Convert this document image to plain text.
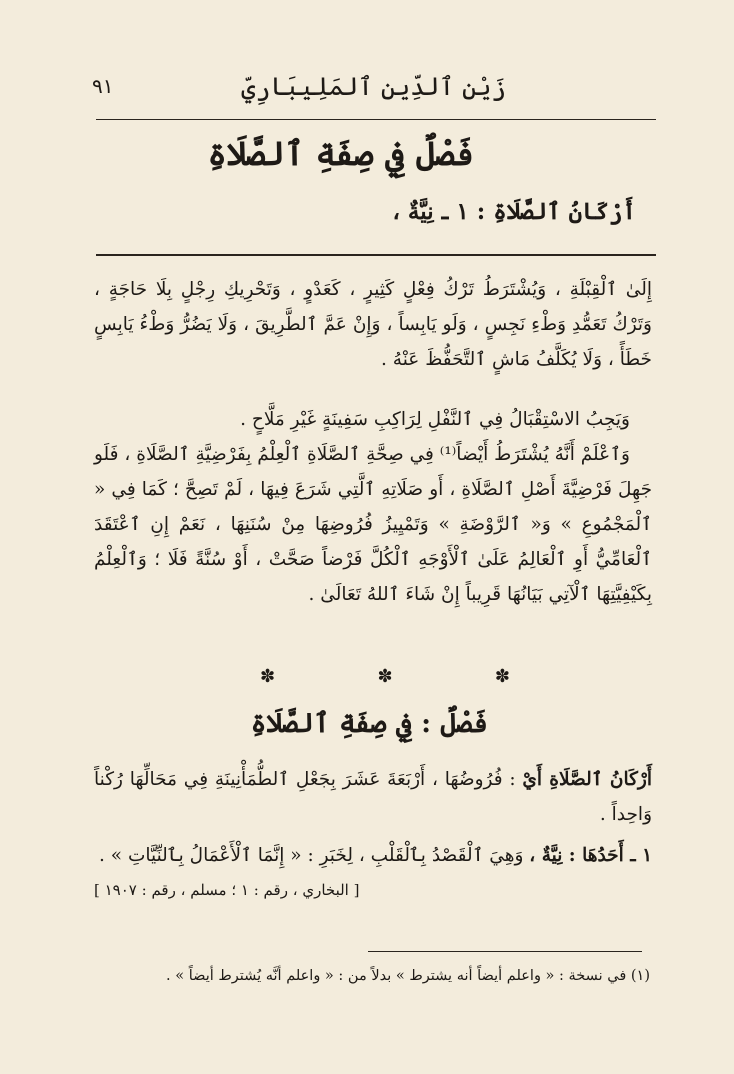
زَيْن ٱلدِّين ٱلمَلِيبَارِيّ
٩١
فَصْلٌ فِي صِفَةِ ٱلصَّلَاةِ
أَرْكَانُ ٱلصَّلَاةِ : ١ ـ نِيَّةٌ ،

إِلَىٰ ٱلْقِبْلَةِ ، وَيُشْتَرَطُ تَرْكُ فِعْلٍ كَثِيرٍ ، كَعَدْوٍ ، وَتَحْرِيكِ رِجْلٍ بِلَا حَاجَةٍ ، وَتَرْكُ تَعَمُّدِ وَطْءِ نَجِسٍ ، وَلَو يَابِساً ، وَإِنْ عَمَّ ٱلطَّرِيقَ ، وَلَا يَضُرُّ وَطْءُ يَابِسٍ خَطَأً ، وَلَا يُكَلَّفُ مَاشٍ ٱلتَّحَفُّظَ عَنْهُ .

وَيَجِبُ الاسْتِقْبَالُ فِي ٱلنَّفْلِ لِرَاكِبِ سَفِينَةٍ غَيْرِ مَلَّاحٍ .

وَٱعْلَمْ أَنَّهُ يُشْتَرَطُ أَيْضاً⁽¹⁾ فِي صِحَّةِ ٱلصَّلَاةِ ٱلْعِلْمُ بِفَرْضِيَّةِ ٱلصَّلَاةِ ، فَلَو جَهِلَ فَرْضِيَّةَ أَصْلِ ٱلصَّلَاةِ ، أَو صَلَاتِهِ ٱلَّتِي شَرَعَ فِيهَا ، لَمْ تَصِحَّ ؛ كَمَا فِي « ٱلْمَجْمُوعِ » وَ« ٱلرَّوْضَةِ » وَتَمْيِيزُ فُرُوضِهَا مِنْ سُنَنِهَا ، نَعَمْ إِنِ ٱعْتَقَدَ ٱلْعَامِّيُّ أَوِ ٱلْعَالِمُ عَلَىٰ ٱلْأَوْجَهِ ٱلْكُلَّ فَرْضاً صَحَّتْ ، أَوْ سُنَّةً فَلَا ؛ وَٱلْعِلْمُ بِكَيْفِيَّتِهَا ٱلْآتِي بَيَانُهَا قَرِيباً إِنْ شَاءَ ٱللهُ تَعَالَىٰ .

✽	✽	✽
فَصْلٌ : فِي صِفَةِ ٱلصَّلَاةِ

أَرْكَانُ ٱلصَّلَاةِ أَيْ : فُرُوضُهَا ، أَرْبَعَةَ عَشَرَ بِجَعْلِ ٱلطُّمَأْنِينَةِ فِي مَحَالِّهَا رُكْناً وَاحِداً .

١ ـ أَحَدُهَا : نِيَّةٌ ، وَهِيَ ٱلْقَصْدُ بِٱلْقَلْبِ ، لِخَبَرِ : « إِنَّمَا ٱلْأَعْمَالُ بِٱلنِّيَّاتِ » .

[ البخاري ، رقم : ١ ؛ مسلم ، رقم : ١٩٠٧ ]
(١) في نسخة : « واعلم أيضاً أنه يشترط » بدلاً من : « واعلم أنَّه يُشترط أيضاً » .
